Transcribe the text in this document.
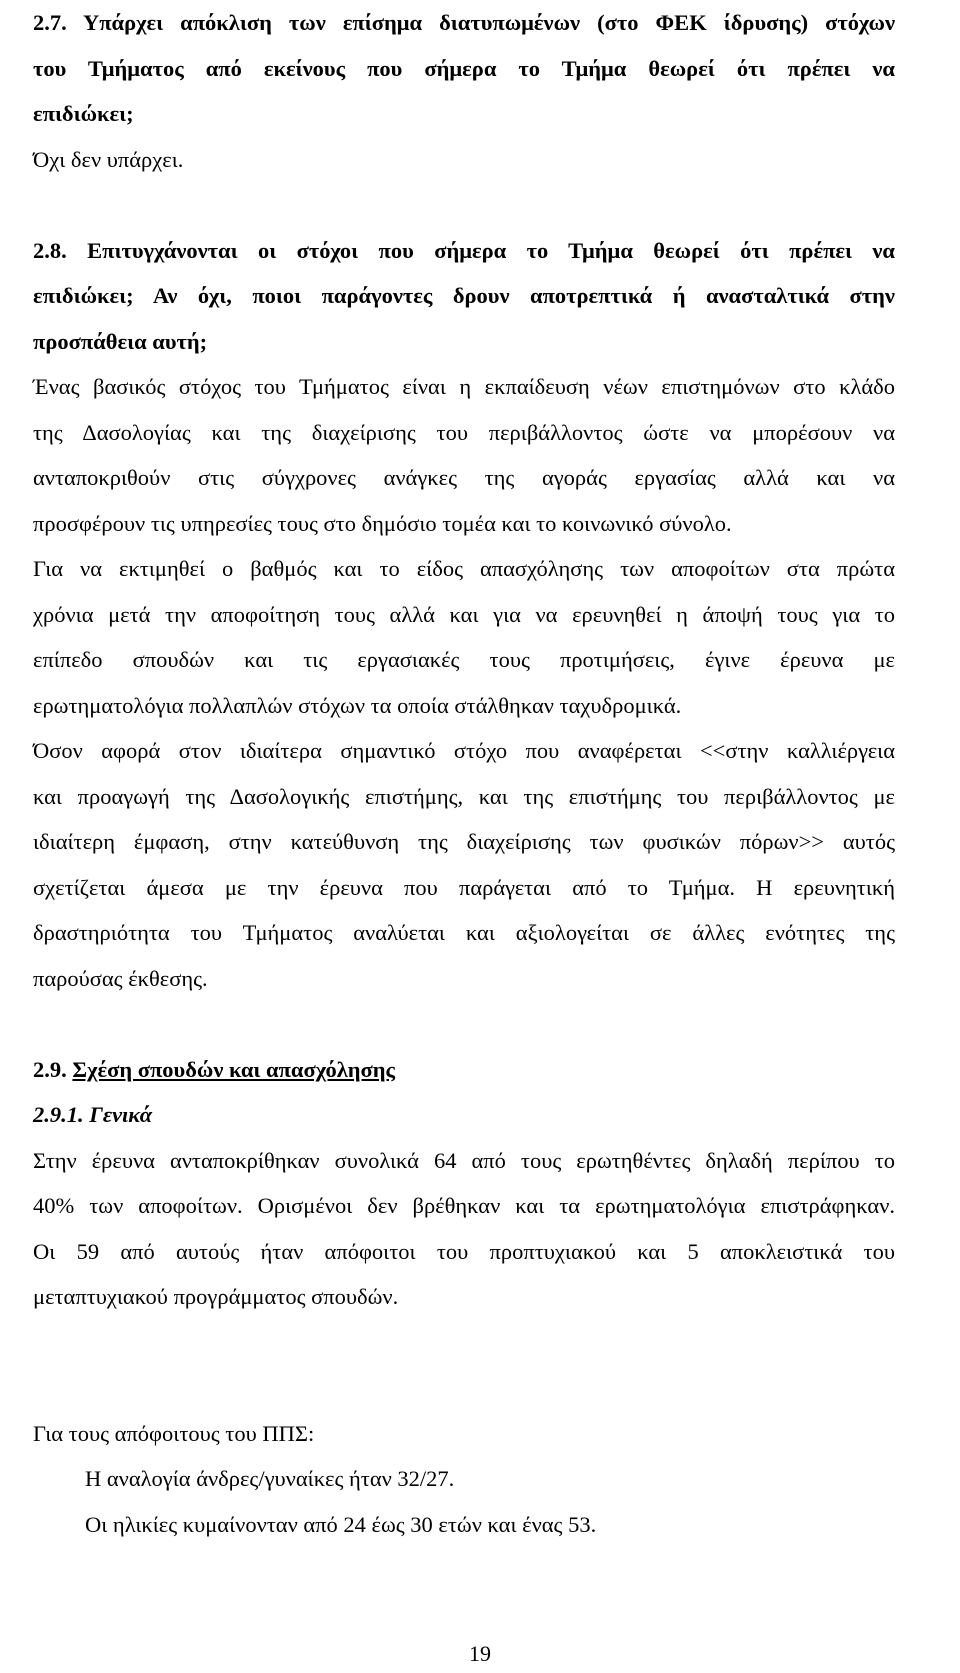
2.7. Υπάρχει απόκλιση των επίσημα διατυπωμένων (στο ΦΕΚ ίδρυσης) στόχων
του Τμήματος από εκείνους που σήμερα το Τμήμα θεωρεί ότι πρέπει να
επιδιώκει;
Όχι δεν υπάρχει.
2.8. Επιτυγχάνονται οι στόχοι που σήμερα το Τμήμα θεωρεί ότι πρέπει να
επιδιώκει; Αν όχι, ποιοι παράγοντες δρουν αποτρεπτικά ή ανασταλτικά στην
προσπάθεια αυτή;
Ένας βασικός στόχος του Τμήματος είναι η εκπαίδευση νέων επιστημόνων στο κλάδο
της Δασολογίας και της διαχείρισης του περιβάλλοντος ώστε να μπορέσουν να
ανταποκριθούν στις σύγχρονες ανάγκες της αγοράς εργασίας αλλά και να
προσφέρουν τις υπηρεσίες τους στο δημόσιο τομέα και το κοινωνικό σύνολο.
Για να εκτιμηθεί ο βαθμός και το είδος απασχόλησης των αποφοίτων στα πρώτα
χρόνια μετά την αποφοίτηση τους αλλά και για να ερευνηθεί η άποψή τους για το
επίπεδο σπουδών και τις εργασιακές τους προτιμήσεις, έγινε έρευνα με
ερωτηματολόγια πολλαπλών στόχων τα οποία στάλθηκαν ταχυδρομικά.
Όσον αφορά στον ιδιαίτερα σημαντικό στόχο που αναφέρεται <<στην καλλιέργεια
και προαγωγή της Δασολογικής επιστήμης, και της επιστήμης του περιβάλλοντος με
ιδιαίτερη έμφαση, στην κατεύθυνση της διαχείρισης των φυσικών πόρων>> αυτός
σχετίζεται άμεσα με την έρευνα που παράγεται από το Τμήμα. Η ερευνητική
δραστηριότητα του Τμήματος αναλύεται και αξιολογείται σε άλλες ενότητες της
παρούσας έκθεσης.
2.9. Σχέση σπουδών και απασχόλησης
2.9.1. Γενικά
Στην έρευνα ανταποκρίθηκαν συνολικά 64 από τους ερωτηθέντες δηλαδή περίπου το
40% των αποφοίτων. Ορισμένοι δεν βρέθηκαν και τα ερωτηματολόγια επιστράφηκαν.
Οι 59 από αυτούς ήταν απόφοιτοι του προπτυχιακού και 5 αποκλειστικά του
μεταπτυχιακού προγράμματος σπουδών.
Για τους απόφοιτους του ΠΠΣ:
Η αναλογία άνδρες/γυναίκες ήταν 32/27.
Οι ηλικίες κυμαίνονταν από 24 έως 30 ετών και ένας 53.
19
